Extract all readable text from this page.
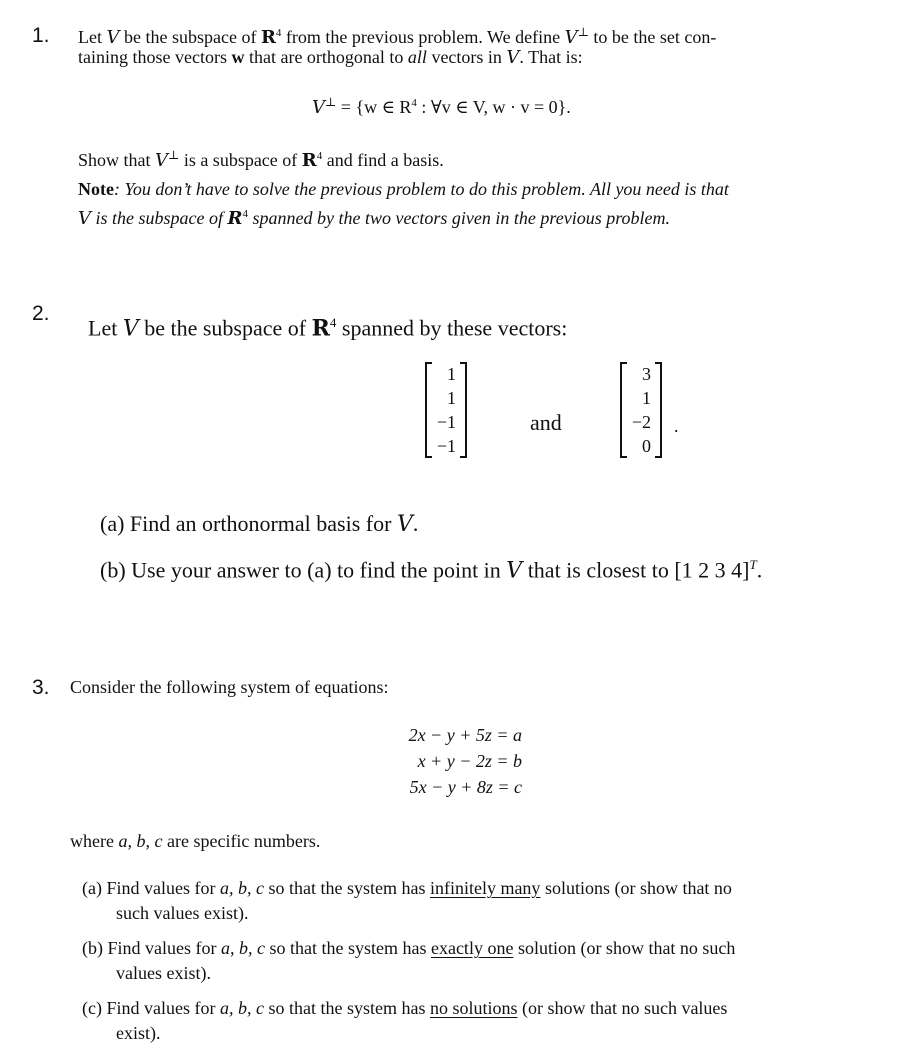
1. Let V be the subspace of $R^4$ from the previous problem. We define V⊥ to be the set con-

taining those vectors w that are orthogonal to all vectors in V. That is:

V⊥ = {w ∈ $R^4$ : ∀v ∈ V, w · v = 0}.

Show that V⊥ is a subspace of $R^4$ and find a basis.

Note: You don’t have to solve the previous problem to do this problem. All you need is that

V is the subspace of $R^4$ spanned by the two vectors given in the previous problem.

2.

Let V be the subspace of $R^4$ spanned by these vectors:

1
1
−1
−1
and
3
1
−2
0
.

(a) Find an orthonormal basis for V.

(b) Use your answer to (a) to find the point in V that is closest to [1 2 3 4]$^T$.

3. Consider the following system of equations:

2x − y + 5z = a
x + y − 2z = b
5x − y + 8z = c

where a, b, c are specific numbers.

(a) Find values for a, b, c so that the system has infinitely many solutions (or show that no
such values exist).

(b) Find values for a, b, c so that the system has exactly one solution (or show that no such
values exist).

(c) Find values for a, b, c so that the system has no solutions (or show that no such values
exist).
